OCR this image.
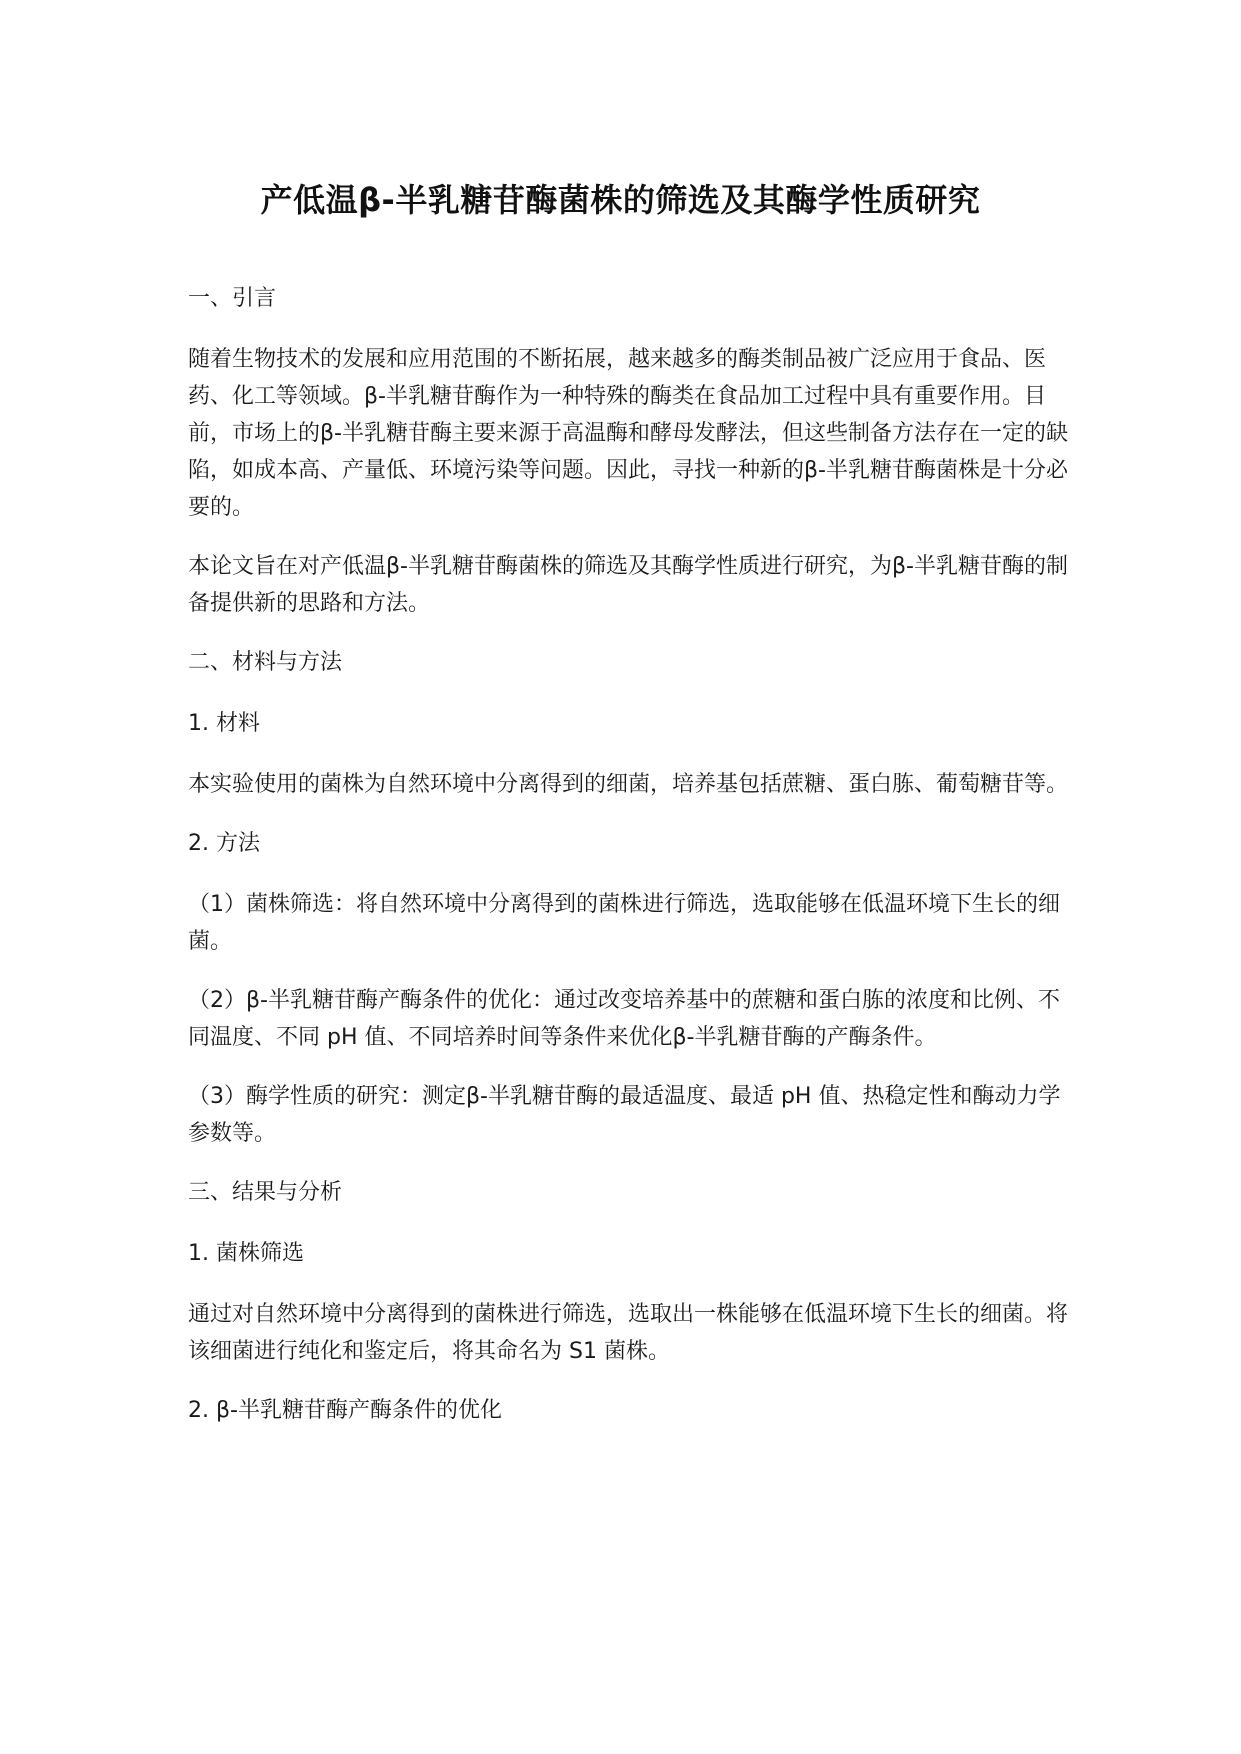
产低温β-半乳糖苷酶菌株的筛选及其酶学性质研究

一、引言

随着生物技术的发展和应用范围的不断拓展，越来越多的酶类制品被广泛应用于食品、医药、化工等领域。β-半乳糖苷酶作为一种特殊的酶类在食品加工过程中具有重要作用。目前，市场上的β-半乳糖苷酶主要来源于高温酶和酵母发酵法，但这些制备方法存在一定的缺陷，如成本高、产量低、环境污染等问题。因此，寻找一种新的β-半乳糖苷酶菌株是十分必要的。

本论文旨在对产低温β-半乳糖苷酶菌株的筛选及其酶学性质进行研究，为β-半乳糖苷酶的制备提供新的思路和方法。

二、材料与方法

1. 材料

本实验使用的菌株为自然环境中分离得到的细菌，培养基包括蔗糖、蛋白胨、葡萄糖苷等。

2. 方法

（1）菌株筛选：将自然环境中分离得到的菌株进行筛选，选取能够在低温环境下生长的细菌。

（2）β-半乳糖苷酶产酶条件的优化：通过改变培养基中的蔗糖和蛋白胨的浓度和比例、不同温度、不同 pH 值、不同培养时间等条件来优化β-半乳糖苷酶的产酶条件。

（3）酶学性质的研究：测定β-半乳糖苷酶的最适温度、最适 pH 值、热稳定性和酶动力学参数等。

三、结果与分析

1. 菌株筛选

通过对自然环境中分离得到的菌株进行筛选，选取出一株能够在低温环境下生长的细菌。将该细菌进行纯化和鉴定后，将其命名为 S1 菌株。

2. β-半乳糖苷酶产酶条件的优化
